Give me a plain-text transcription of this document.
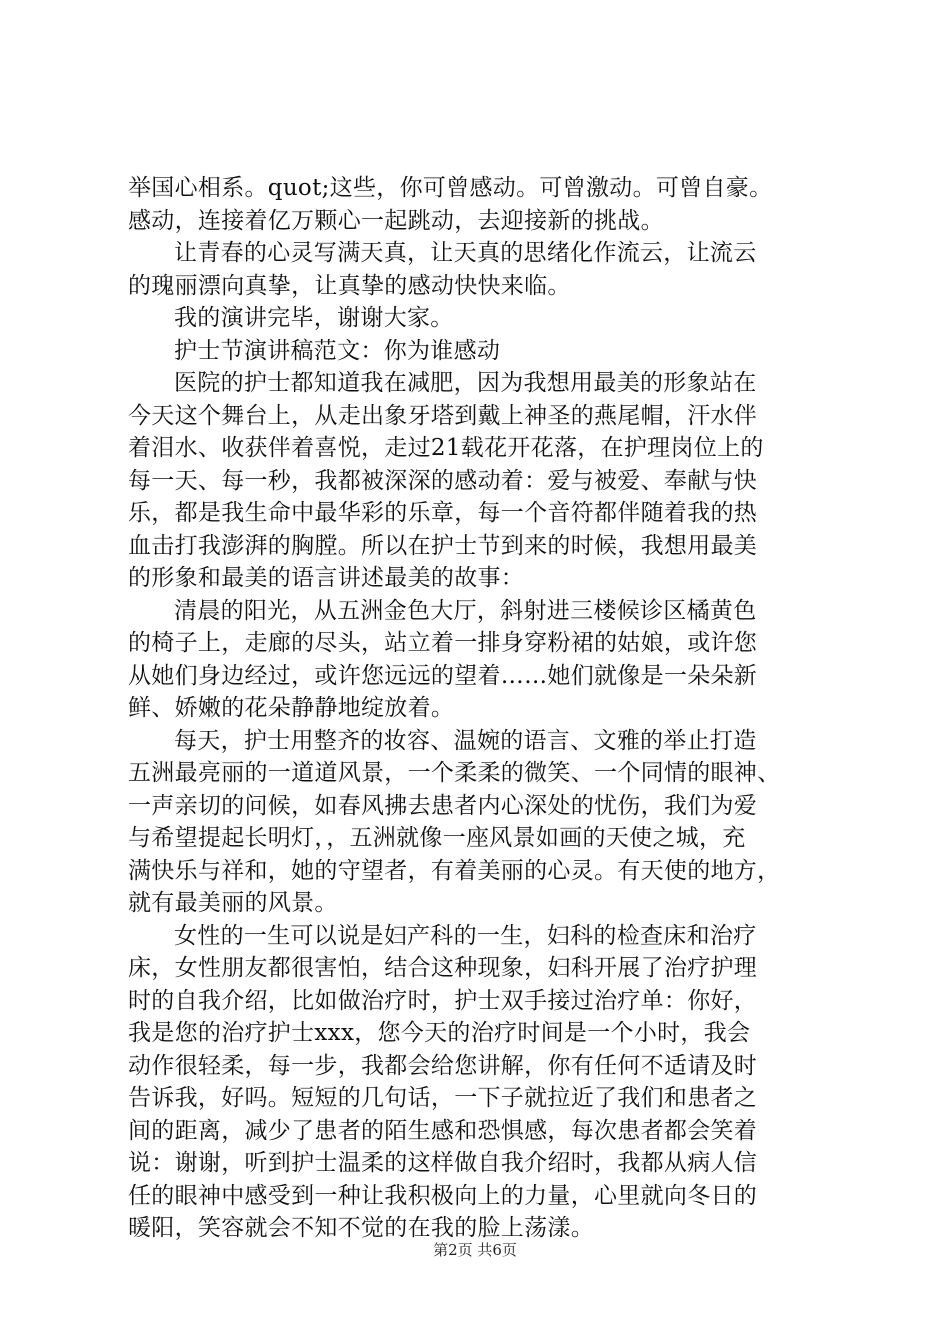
举国心相系。quot;这些，你可曾感动。可曾激动。可曾自豪。
感动，连接着亿万颗心一起跳动，去迎接新的挑战。
让青春的心灵写满天真，让天真的思绪化作流云，让流云
的瑰丽漂向真挚，让真挚的感动快快来临。
我的演讲完毕，谢谢大家。
护士节演讲稿范文：你为谁感动
医院的护士都知道我在减肥，因为我想用最美的形象站在
今天这个舞台上，从走出象牙塔到戴上神圣的燕尾帽，汗水伴
着泪水、收获伴着喜悦，走过21载花开花落，在护理岗位上的
每一天、每一秒，我都被深深的感动着：爱与被爱、奉献与快
乐，都是我生命中最华彩的乐章，每一个音符都伴随着我的热
血击打我澎湃的胸膛。所以在护士节到来的时候，我想用最美
的形象和最美的语言讲述最美的故事：
清晨的阳光，从五洲金色大厅，斜射进三楼候诊区橘黄色
的椅子上，走廊的尽头，站立着一排身穿粉裙的姑娘，或许您
从她们身边经过，或许您远远的望着……她们就像是一朵朵新
鲜、娇嫩的花朵静静地绽放着。
每天，护士用整齐的妆容、温婉的语言、文雅的举止打造
五洲最亮丽的一道道风景，一个柔柔的微笑、一个同情的眼神、
一声亲切的问候，如春风拂去患者内心深处的忧伤，我们为爱
与希望提起长明灯，，五洲就像一座风景如画的天使之城，充
满快乐与祥和，她的守望者，有着美丽的心灵。有天使的地方，
就有最美丽的风景。
女性的一生可以说是妇产科的一生，妇科的检查床和治疗
床，女性朋友都很害怕，结合这种现象，妇科开展了治疗护理
时的自我介绍，比如做治疗时，护士双手接过治疗单：你好，
我是您的治疗护士xxx，您今天的治疗时间是一个小时，我会
动作很轻柔，每一步，我都会给您讲解，你有任何不适请及时
告诉我，好吗。短短的几句话，一下子就拉近了我们和患者之
间的距离，减少了患者的陌生感和恐惧感，每次患者都会笑着
说：谢谢，听到护士温柔的这样做自我介绍时，我都从病人信
任的眼神中感受到一种让我积极向上的力量，心里就向冬日的
暖阳，笑容就会不知不觉的在我的脸上荡漾。
第2页 共6页
